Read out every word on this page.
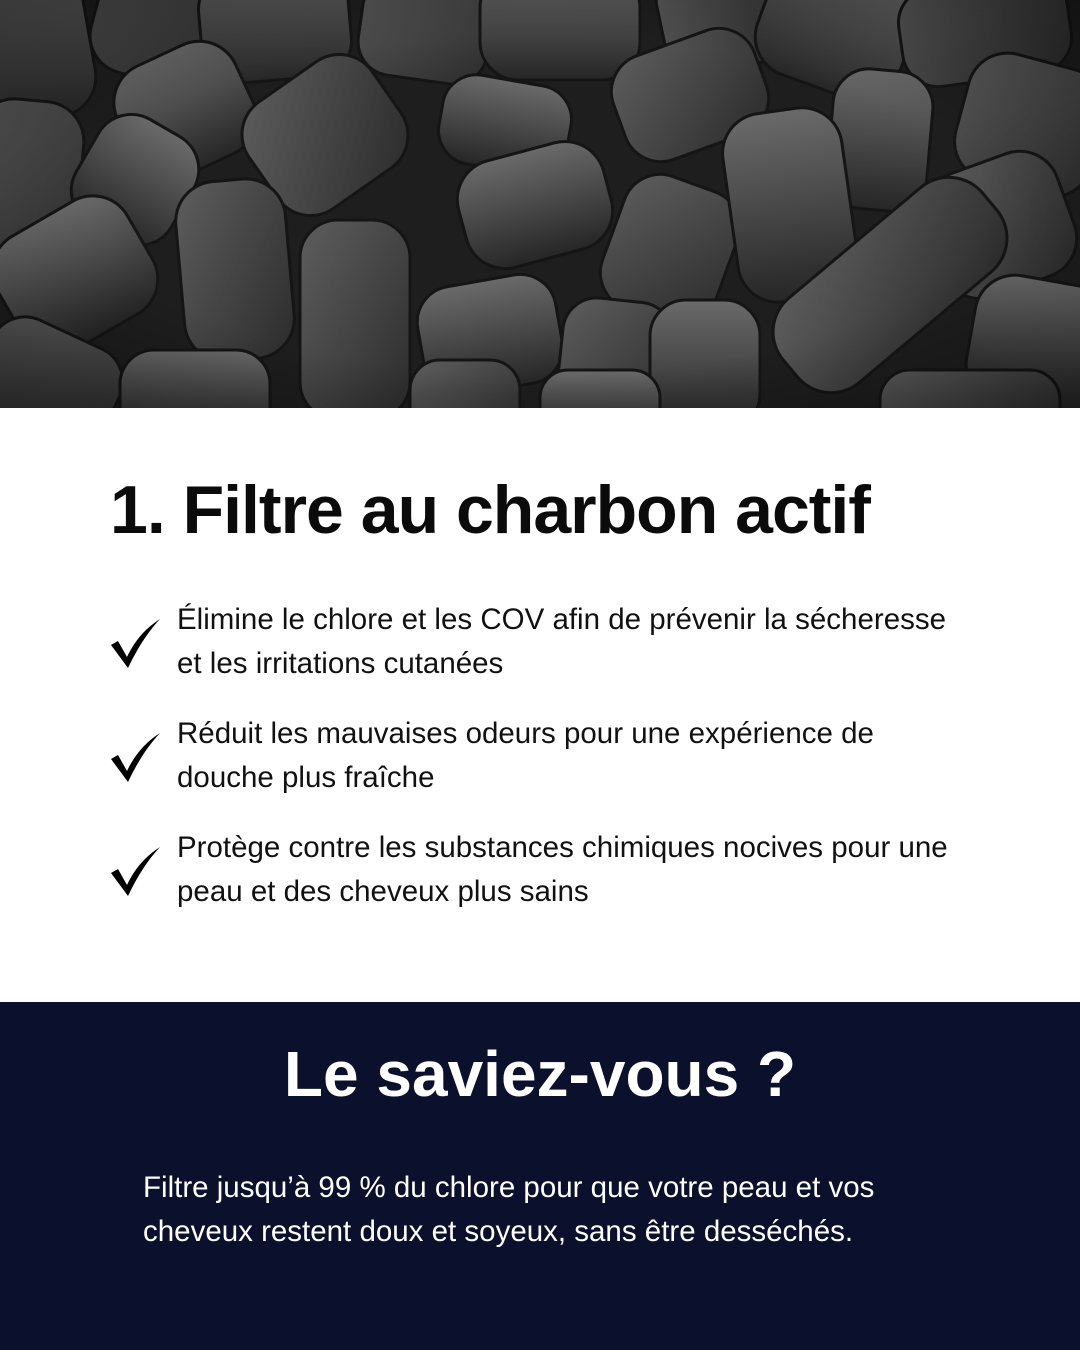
1. Filtre au charbon actif
Élimine le chlore et les COV afin de prévenir la sécheresse et les irritations cutanées
Réduit les mauvaises odeurs pour une expérience de douche plus fraîche
Protège contre les substances chimiques nocives pour une peau et des cheveux plus sains
Le saviez-vous ?

Filtre jusqu’à 99 % du chlore pour que votre peau et vos cheveux restent doux et soyeux, sans être desséchés.
